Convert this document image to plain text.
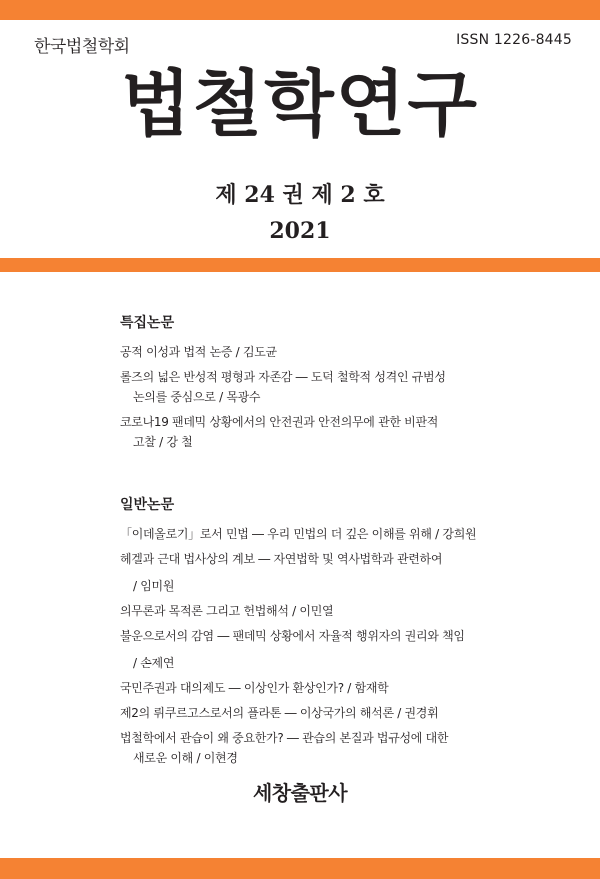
한국법철학회	ISSN 1226-8445
법철학연구
제 24 권 제 2 호
2021
특집논문
공적 이성과 법적 논증 / 김도균
롤즈의 넓은 반성적 평형과 자존감 ― 도덕 철학적 성격인 규범성
논의를 중심으로 / 목광수
코로나19 팬데믹 상황에서의 안전권과 안전의무에 관한 비판적
고찰 / 강 철
일반논문
「이데올로기」로서 민법 ― 우리 민법의 더 깊은 이해를 위해 / 강희원
헤겔과 근대 법사상의 계보 ― 자연법학 및 역사법학과 관련하여
/ 임미원
의무론과 목적론 그리고 헌법해석 / 이민열
불운으로서의 감염 ― 팬데믹 상황에서 자율적 행위자의 권리와 책임
/ 손제연
국민주권과 대의제도 ― 이상인가 환상인가? / 함재학
제2의 뤼쿠르고스로서의 플라톤 ― 이상국가의 해석론 / 권경휘
법철학에서 관습이 왜 중요한가? ― 관습의 본질과 법규성에 대한
새로운 이해 / 이현경
세창출판사
